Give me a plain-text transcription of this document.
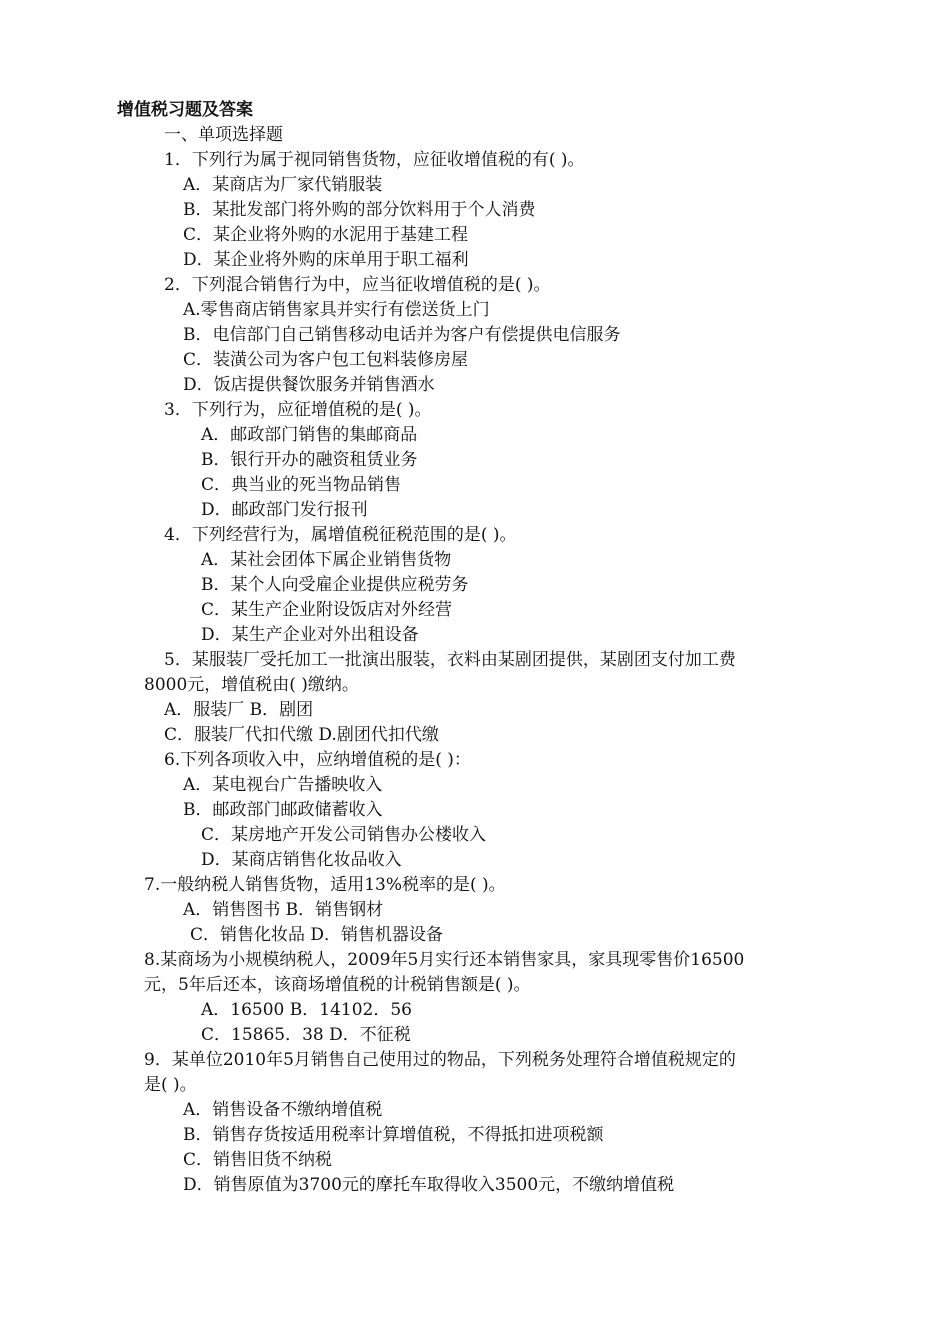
增值税习题及答案
一、单项选择题
1．下列行为属于视同销售货物，应征收增值税的有( )。
A．某商店为厂家代销服装
B．某批发部门将外购的部分饮料用于个人消费
C．某企业将外购的水泥用于基建工程
D．某企业将外购的床单用于职工福利
2．下列混合销售行为中，应当征收增值税的是( )。
A.零售商店销售家具并实行有偿送货上门
B．电信部门自己销售移动电话并为客户有偿提供电信服务
C．装潢公司为客户包工包料装修房屋
D．饭店提供餐饮服务并销售酒水
3．下列行为，应征增值税的是( )。
A．邮政部门销售的集邮商品
B．银行开办的融资租赁业务
C．典当业的死当物品销售
D．邮政部门发行报刊
4．下列经营行为，属增值税征税范围的是( )。
A．某社会团体下属企业销售货物
B．某个人向受雇企业提供应税劳务
C．某生产企业附设饭店对外经营
D．某生产企业对外出租设备
5．某服装厂受托加工一批演出服装，衣料由某剧团提供，某剧团支付加工费
8000元，增值税由( )缴纳。
A．服装厂 B．剧团
C．服装厂代扣代缴 D.剧团代扣代缴
6.下列各项收入中，应纳增值税的是( )：
A．某电视台广告播映收入
B．邮政部门邮政储蓄收入
C．某房地产开发公司销售办公楼收入
D．某商店销售化妆品收入
7.一般纳税人销售货物，适用13%税率的是( )。
A．销售图书 B．销售钢材
C．销售化妆品 D．销售机器设备
8.某商场为小规模纳税人，2009年5月实行还本销售家具，家具现零售价16500
元，5年后还本，该商场增值税的计税销售额是( )。
A．16500 B．14102．56
C．15865．38 D．不征税
9．某单位2010年5月销售自己使用过的物品，下列税务处理符合增值税规定的
是( )。
A．销售设备不缴纳增值税
B．销售存货按适用税率计算增值税，不得抵扣进项税额
C．销售旧货不纳税
D．销售原值为3700元的摩托车取得收入3500元，不缴纳增值税
